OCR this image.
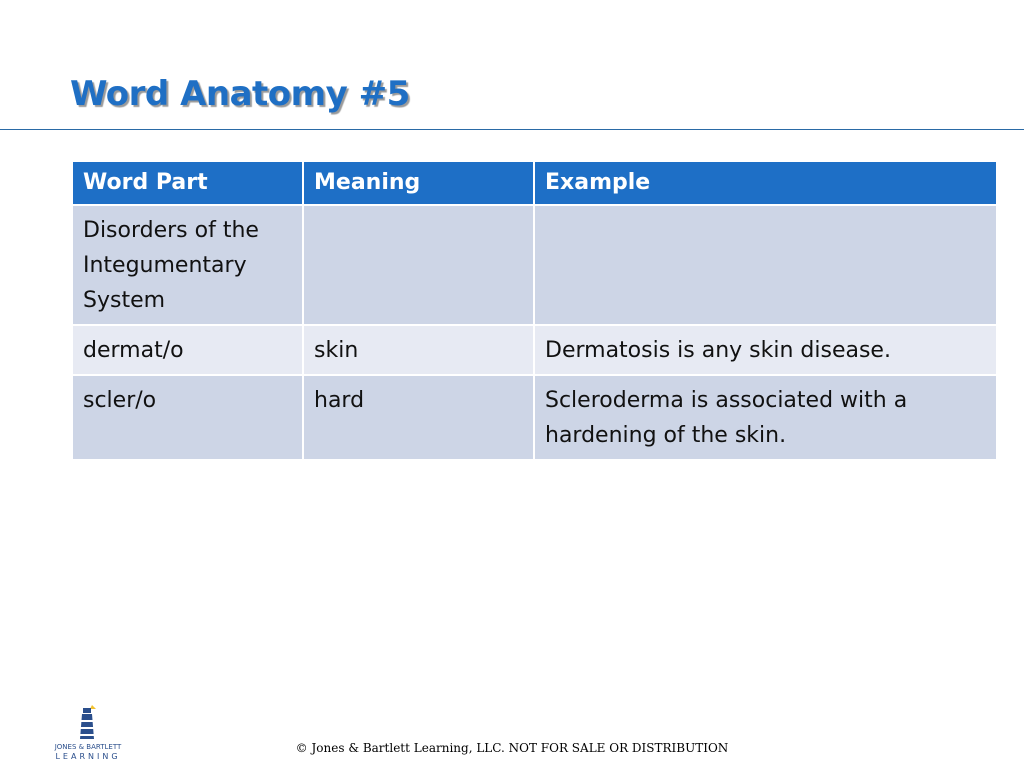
Word Anatomy #5
Word Part	Meaning	Example
Disorders of the Integumentary System		
dermat/o	skin	Dermatosis is any skin disease.
scler/o	hard	Scleroderma is associated with a hardening of the skin.
JONES & BARTLETT
LEARNING
© Jones & Bartlett Learning, LLC. NOT FOR SALE OR DISTRIBUTION
